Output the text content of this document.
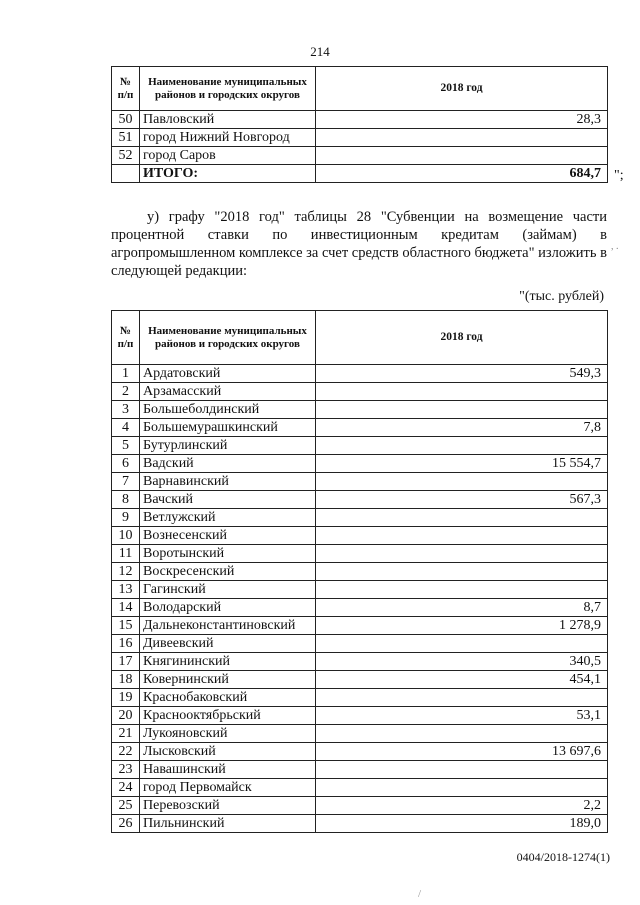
214
№ п/п	Наименование муниципальных районов и городских округов	2018 год
50	Павловский	28,3
51	город Нижний Новгород	
52	город Саров	
	ИТОГО:	684,7 ";
у) графу "2018 год" таблицы 28 "Субвенции на возмещение части процентной ставки по инвестиционным кредитам (займам) в агропромышленном комплексе за счет средств областного бюджета" изложить в следующей редакции:
, .
"(тыс. рублей)
№ п/п	Наименование муниципальных районов и городских округов	2018 год
1	Ардатовский	549,3
2	Арзамасский	
3	Большеболдинский	
4	Большемурашкинский	7,8
5	Бутурлинский	
6	Вадский	15 554,7
7	Варнавинский	
8	Вачский	567,3
9	Ветлужский	
10	Вознесенский	
11	Воротынский	
12	Воскресенский	
13	Гагинский	
14	Володарский	8,7
15	Дальнеконстантиновский	1 278,9
16	Дивеевский	
17	Княгининский	340,5
18	Ковернинский	454,1
19	Краснобаковский	
20	Краснооктябрьский	53,1
21	Лукояновский	
22	Лысковский	13 697,6
23	Навашинский	
24	город Первомайск	
25	Перевозский	2,2
26	Пильнинский	189,0
0404/2018-1274(1)
/
